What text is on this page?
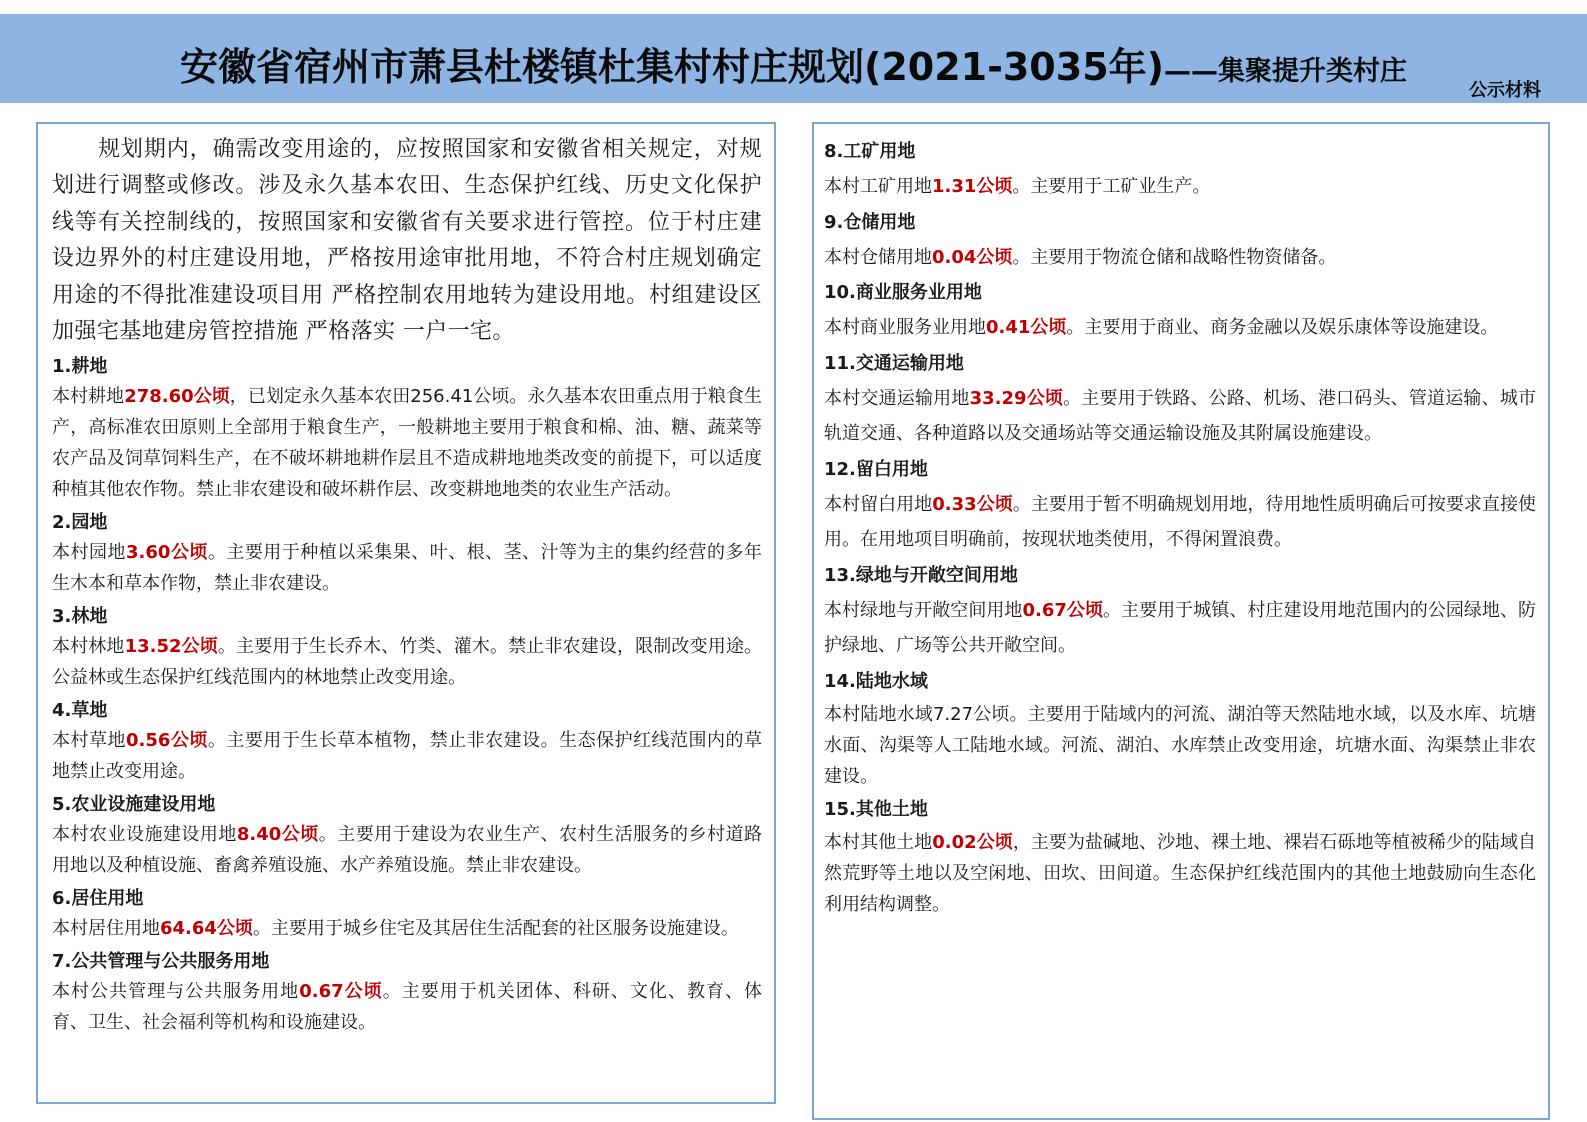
安徽省宿州市萧县杜楼镇杜集村村庄规划(2021-3035年)——集聚提升类村庄
公示材料

规划期内，确需改变用途的，应按照国家和安徽省相关规定，对规划进行调整或修改。涉及永久基本农田、生态保护红线、历史文化保护线等有关控制线的，按照国家和安徽省有关要求进行管控。位于村庄建设边界外的村庄建设用地，严格按用途审批用地，不符合村庄规划确定用途的不得批准建设项目用 严格控制农用地转为建设用地。村组建设区加强宅基地建房管控措施 严格落实 一户一宅。

1.耕地

本村耕地278.60公顷，已划定永久基本农田256.41公顷。永久基本农田重点用于粮食生产，高标准农田原则上全部用于粮食生产，一般耕地主要用于粮食和棉、油、糖、蔬菜等农产品及饲草饲料生产，在不破坏耕地耕作层且不造成耕地地类改变的前提下，可以适度种植其他农作物。禁止非农建设和破坏耕作层、改变耕地地类的农业生产活动。

2.园地

本村园地3.60公顷。主要用于种植以采集果、叶、根、茎、汁等为主的集约经营的多年生木本和草本作物，禁止非农建设。

3.林地

本村林地13.52公顷。主要用于生长乔木、竹类、灌木。禁止非农建设，限制改变用途。公益林或生态保护红线范围内的林地禁止改变用途。

4.草地

本村草地0.56公顷。主要用于生长草本植物，禁止非农建设。生态保护红线范围内的草地禁止改变用途。

5.农业设施建设用地

本村农业设施建设用地8.40公顷。主要用于建设为农业生产、农村生活服务的乡村道路用地以及种植设施、畜禽养殖设施、水产养殖设施。禁止非农建设。

6.居住用地

本村居住用地64.64公顷。主要用于城乡住宅及其居住生活配套的社区服务设施建设。

7.公共管理与公共服务用地

本村公共管理与公共服务用地0.67公顷。主要用于机关团体、科研、文化、教育、体育、卫生、社会福利等机构和设施建设。

8.工矿用地

本村工矿用地1.31公顷。主要用于工矿业生产。

9.仓储用地

本村仓储用地0.04公顷。主要用于物流仓储和战略性物资储备。

10.商业服务业用地

本村商业服务业用地0.41公顷。主要用于商业、商务金融以及娱乐康体等设施建设。

11.交通运输用地

本村交通运输用地33.29公顷。主要用于铁路、公路、机场、港口码头、管道运输、城市轨道交通、各种道路以及交通场站等交通运输设施及其附属设施建设。

12.留白用地

本村留白用地0.33公顷。主要用于暂不明确规划用地，待用地性质明确后可按要求直接使用。在用地项目明确前，按现状地类使用，不得闲置浪费。

13.绿地与开敞空间用地

本村绿地与开敞空间用地0.67公顷。主要用于城镇、村庄建设用地范围内的公园绿地、防护绿地、广场等公共开敞空间。

14.陆地水域

本村陆地水域7.27公顷。主要用于陆域内的河流、湖泊等天然陆地水域，以及水库、坑塘水面、沟渠等人工陆地水域。河流、湖泊、水库禁止改变用途，坑塘水面、沟渠禁止非农建设。

15.其他土地

本村其他土地0.02公顷，主要为盐碱地、沙地、裸土地、裸岩石砾地等植被稀少的陆域自然荒野等土地以及空闲地、田坎、田间道。生态保护红线范围内的其他土地鼓励向生态化利用结构调整。
